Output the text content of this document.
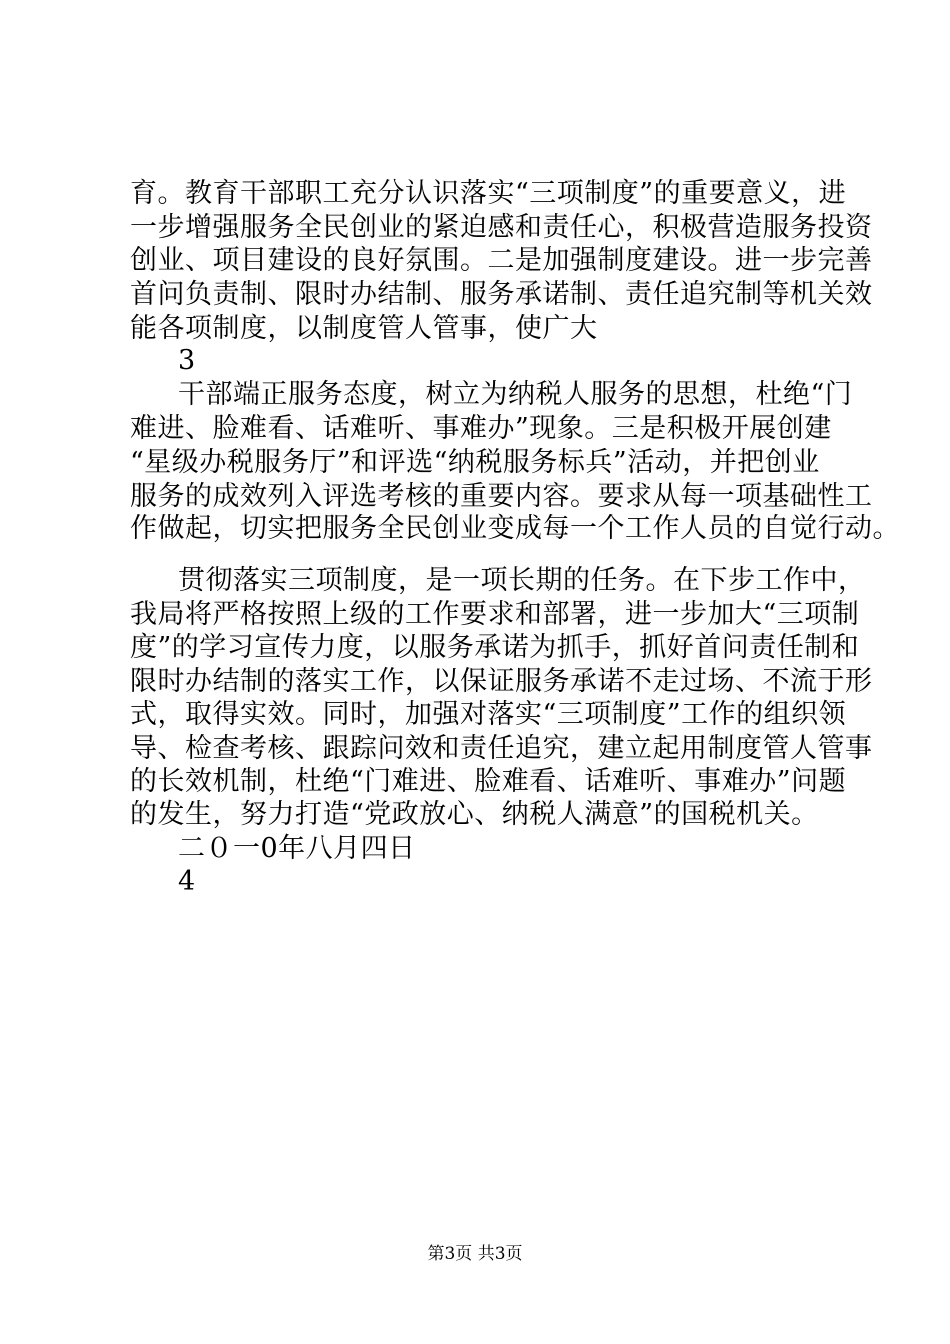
育。教育干部职工充分认识落实“三项制度”的重要意义，进
一步增强服务全民创业的紧迫感和责任心，积极营造服务投资
创业、项目建设的良好氛围。二是加强制度建设。进一步完善
首问负责制、限时办结制、服务承诺制、责任追究制等机关效
能各项制度，以制度管人管事，使广大
3
干部端正服务态度，树立为纳税人服务的思想，杜绝“门
难进、脸难看、话难听、事难办”现象。三是积极开展创建
“星级办税服务厅”和评选“纳税服务标兵”活动，并把创业
服务的成效列入评选考核的重要内容。要求从每一项基础性工
作做起，切实把服务全民创业变成每一个工作人员的自觉行动。
贯彻落实三项制度，是一项长期的任务。在下步工作中，
我局将严格按照上级的工作要求和部署，进一步加大“三项制
度”的学习宣传力度，以服务承诺为抓手，抓好首问责任制和
限时办结制的落实工作，以保证服务承诺不走过场、不流于形
式，取得实效。同时，加强对落实“三项制度”工作的组织领
导、检查考核、跟踪问效和责任追究，建立起用制度管人管事
的长效机制，杜绝“门难进、脸难看、话难听、事难办”问题
的发生，努力打造“党政放心、纳税人满意”的国税机关。
二０一0年八月四日
4
第3页 共3页
